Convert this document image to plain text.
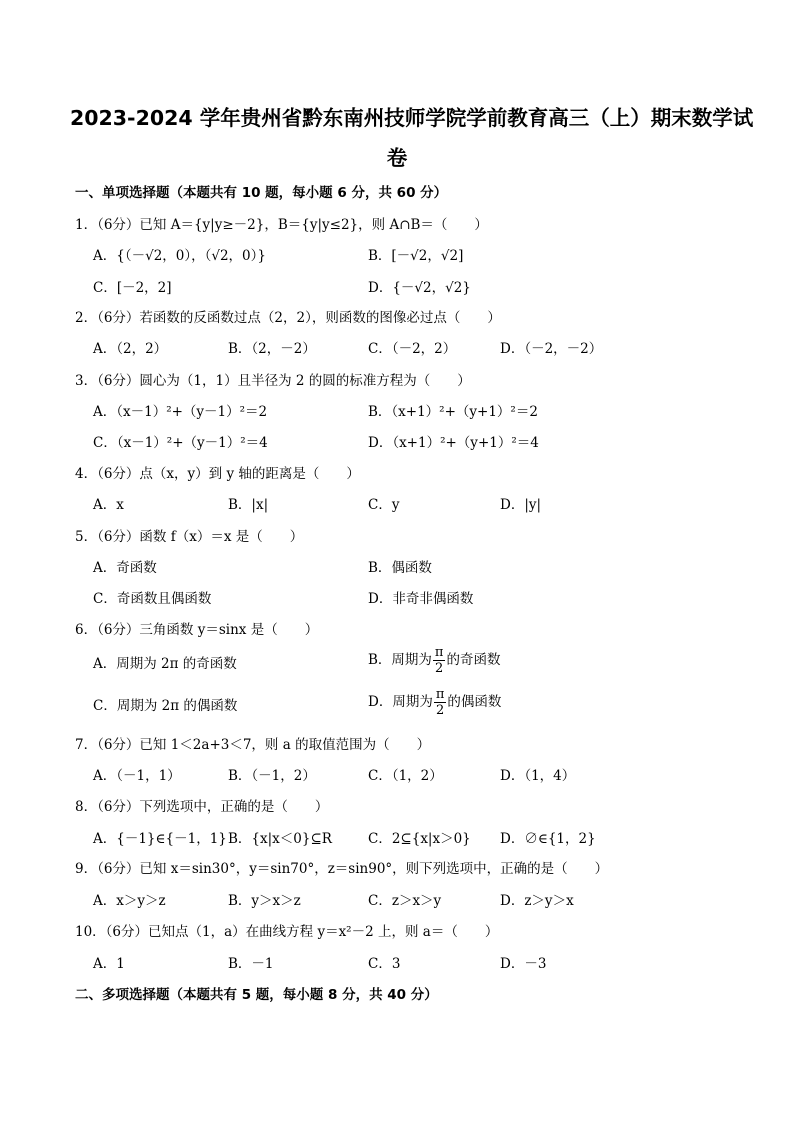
2023-2024 学年贵州省黔东南州技师学院学前教育高三（上）期末数学试
卷
一、单项选择题（本题共有 10 题，每小题 6 分，共 60 分）
1．（6分）已知 A＝{y|y≥－2}，B＝{y|y≤2}，则 A∩B＝（　　）
A．{（－√2，0），（√2，0）}	B．[－√2，√2]
C．[－2，2]	D．{－√2，√2}
2．（6分）若函数的反函数过点（2，2），则函数的图像必过点（　　）
A．（2，2）	B．（2，－2）	C．（－2，2）	D．（－2，－2）
3．（6分）圆心为（1，1）且半径为 2 的圆的标准方程为（　　）
A．（x－1）²+（y－1）²＝2	B．（x+1）²+（y+1）²＝2
C．（x－1）²+（y－1）²＝4	D．（x+1）²+（y+1）²＝4
4．（6分）点（x，y）到 y 轴的距离是（　　）
A．x	B．|x|	C．y	D．|y|
5．（6分）函数 f（x）＝x 是（　　）
A．奇函数	B．偶函数
C．奇函数且偶函数	D．非奇非偶函数
6．（6分）三角函数 y＝sinx 是（　　）
A．周期为 2π 的奇函数	B．周期为 $\frac{\pi}{2}$ 的奇函数
C．周期为 2π 的偶函数	D．周期为 $\frac{\pi}{2}$ 的偶函数
7．（6分）已知 1＜2a+3＜7，则 a 的取值范围为（　　）
A．（－1，1）	B．（－1，2）	C．（1，2）	D．（1，4）
8．（6分）下列选项中，正确的是（　　）
A．{－1}∈{－1，1} B．{x|x＜0}⊆R	C．2⊆{x|x＞0} D．∅∈{1，2}
9．（6分）已知 x＝sin30°，y＝sin70°，z＝sin90°，则下列选项中，正确的是（　　）
A．x＞y＞z	B．y＞x＞z	C．z＞x＞y	D．z＞y＞x
10．（6分）已知点（1，a）在曲线方程 y＝x²－2 上，则 a＝（　　）
A．1	B．－1	C．3	D．－3
二、多项选择题（本题共有 5 题，每小题 8 分，共 40 分）
